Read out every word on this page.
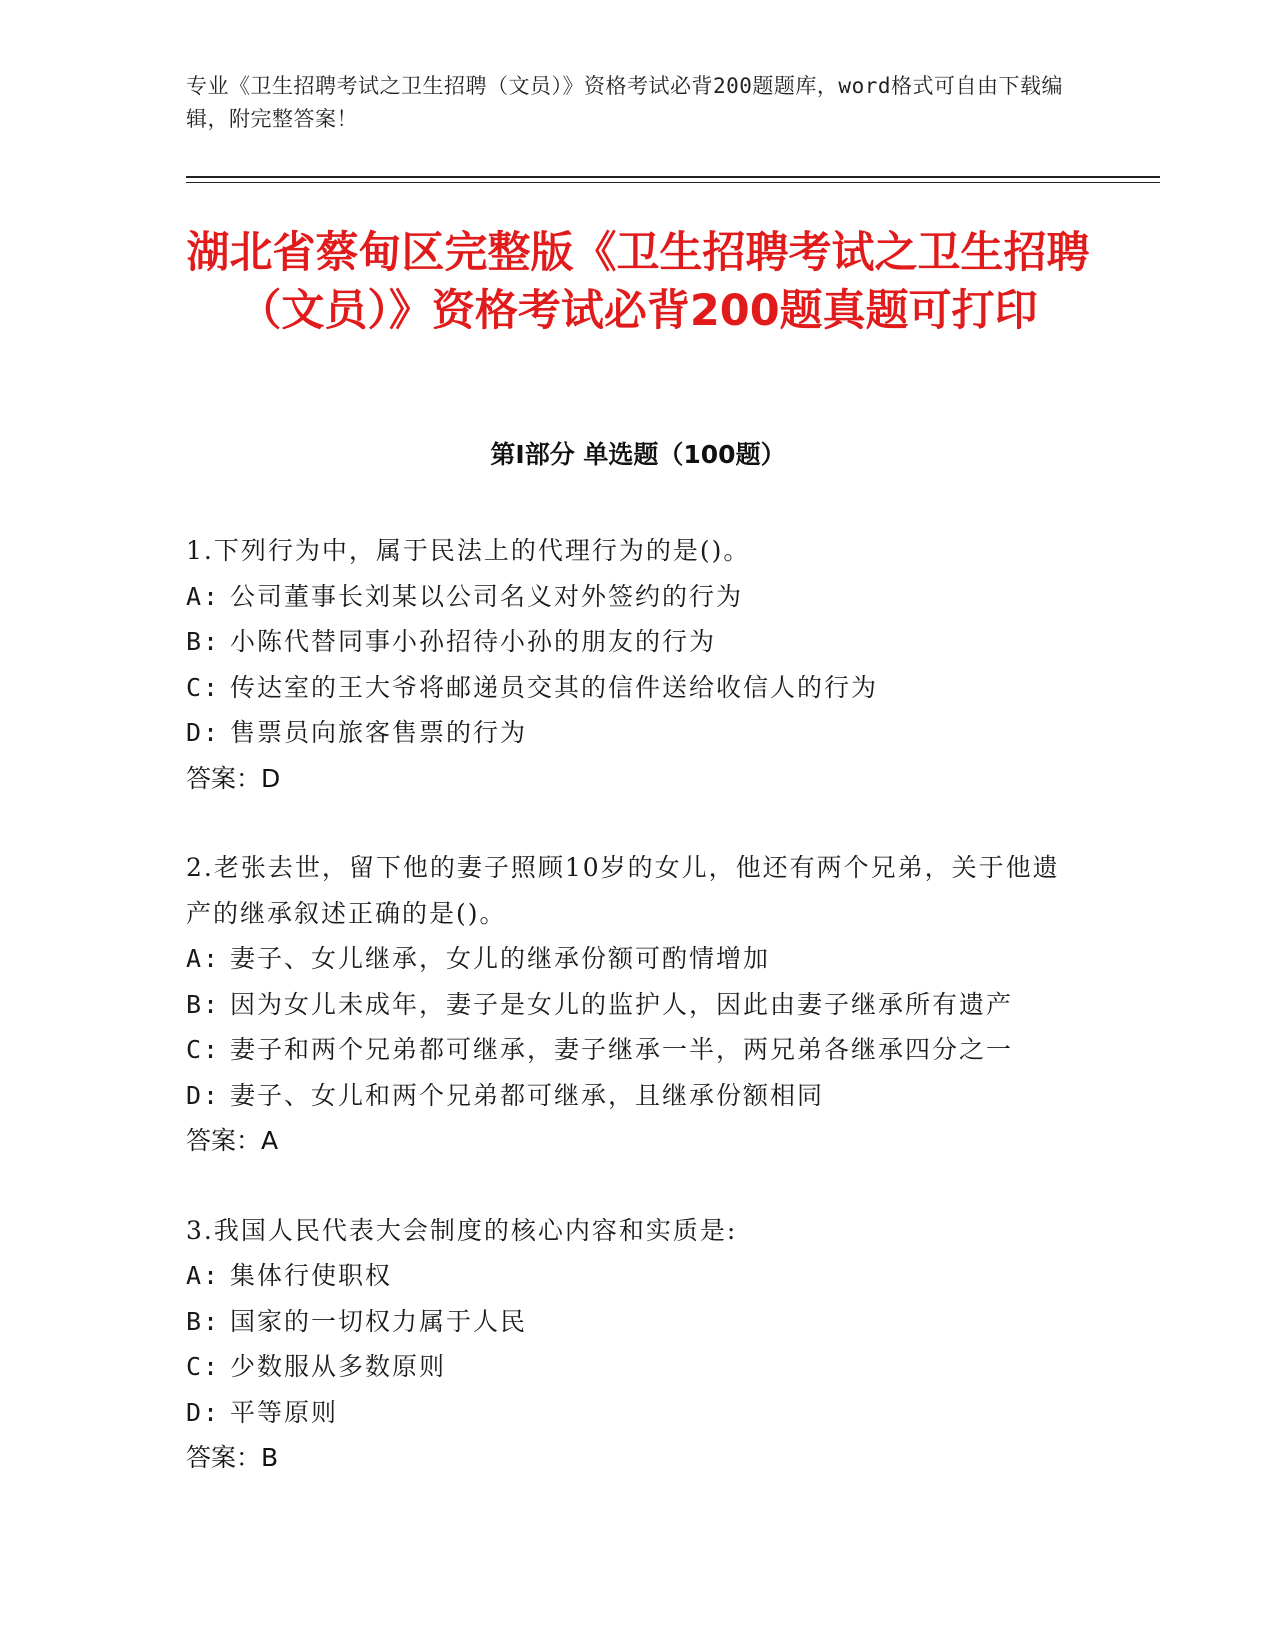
专业《卫生招聘考试之卫生招聘（文员）》资格考试必背200题题库，word格式可自由下载编辑，附完整答案！
湖北省蔡甸区完整版《卫生招聘考试之卫生招聘（文员）》资格考试必背200题真题可打印
第Ⅰ部分 单选题（100题）
1.下列行为中，属于民法上的代理行为的是()。
A: 公司董事长刘某以公司名义对外签约的行为
B: 小陈代替同事小孙招待小孙的朋友的行为
C: 传达室的王大爷将邮递员交其的信件送给收信人的行为
D: 售票员向旅客售票的行为
答案：D
2.老张去世，留下他的妻子照顾10岁的女儿，他还有两个兄弟，关于他遗产的继承叙述正确的是()。
A: 妻子、女儿继承，女儿的继承份额可酌情增加
B: 因为女儿未成年，妻子是女儿的监护人，因此由妻子继承所有遗产
C: 妻子和两个兄弟都可继承，妻子继承一半，两兄弟各继承四分之一
D: 妻子、女儿和两个兄弟都可继承，且继承份额相同
答案：A
3.我国人民代表大会制度的核心内容和实质是:
A: 集体行使职权
B: 国家的一切权力属于人民
C: 少数服从多数原则
D: 平等原则
答案：B
